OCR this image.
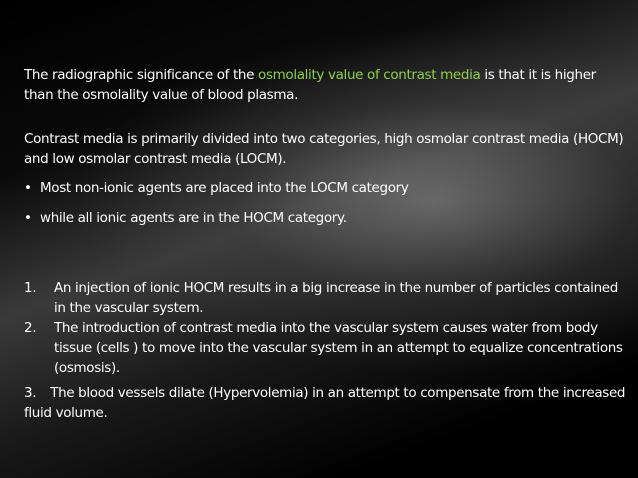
The radiographic significance of the osmolality value of contrast media is that it is higher than the osmolality value of blood plasma.
Contrast media is primarily divided into two categories, high osmolar contrast media (HOCM) and low osmolar contrast media (LOCM).
• Most non-ionic agents are placed into the LOCM category
• while all ionic agents are in the HOCM category.
1.	An injection of ionic HOCM results in a big increase in the number of particles contained in the vascular system.
2.	The introduction of contrast media into the vascular system causes water from body tissue (cells ) to move into the vascular system in an attempt to equalize concentrations (osmosis).
3. The blood vessels dilate (Hypervolemia) in an attempt to compensate from the increased fluid volume.
